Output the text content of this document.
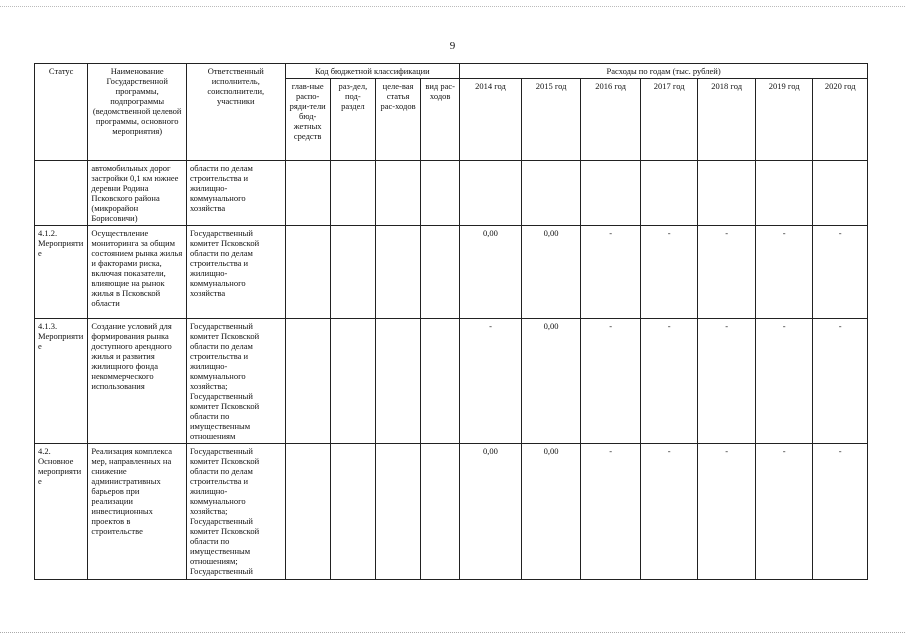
9
Статус	Наименование Государственной программы, подпрограммы (ведомственной целевой программы, основного мероприятия)	Ответственный исполнитель, соисполнители, участники	Код бюджетной классификации				Расходы по годам (тыс. рублей)						
			глав-ные распо-ряди-тели бюд-жетных средств	раз-дел, под-раздел	целе-вая статья рас-ходов	вид рас-ходов	2014 год	2015 год	2016 год	2017 год	2018 год	2019 год	2020 год
	автомобильных дорог застройки 0,1 км южнее деревни Родина Псковского района (микрорайон Борисовичи)	области по делам строительства и жилищно-коммунального хозяйства											
4.1.2. Мероприятие	Осуществление мониторинга за общим состоянием рынка жилья и факторами риска, включая показатели, влияющие на рынок жилья в Псковской области	Государственный комитет Псковской области по делам строительства и жилищно-коммунального хозяйства					0,00	0,00	-	-	-	-	-
4.1.3. Мероприятие	Создание условий для формирования рынка доступного арендного жилья и развития жилищного фонда некоммерческого использования	Государственный комитет Псковской области по делам строительства и жилищно-коммунального хозяйства; Государственный комитет Псковской области по имущественным отношениям					-	0,00	-	-	-	-	-
4.2. Основное мероприятие	Реализация комплекса мер, направленных на снижение административных барьеров при реализации инвестиционных проектов в строительстве	Государственный комитет Псковской области по делам строительства и жилищно-коммунального хозяйства; Государственный комитет Псковской области по имущественным отношениям; Государственный					0,00	0,00	-	-	-	-	-
